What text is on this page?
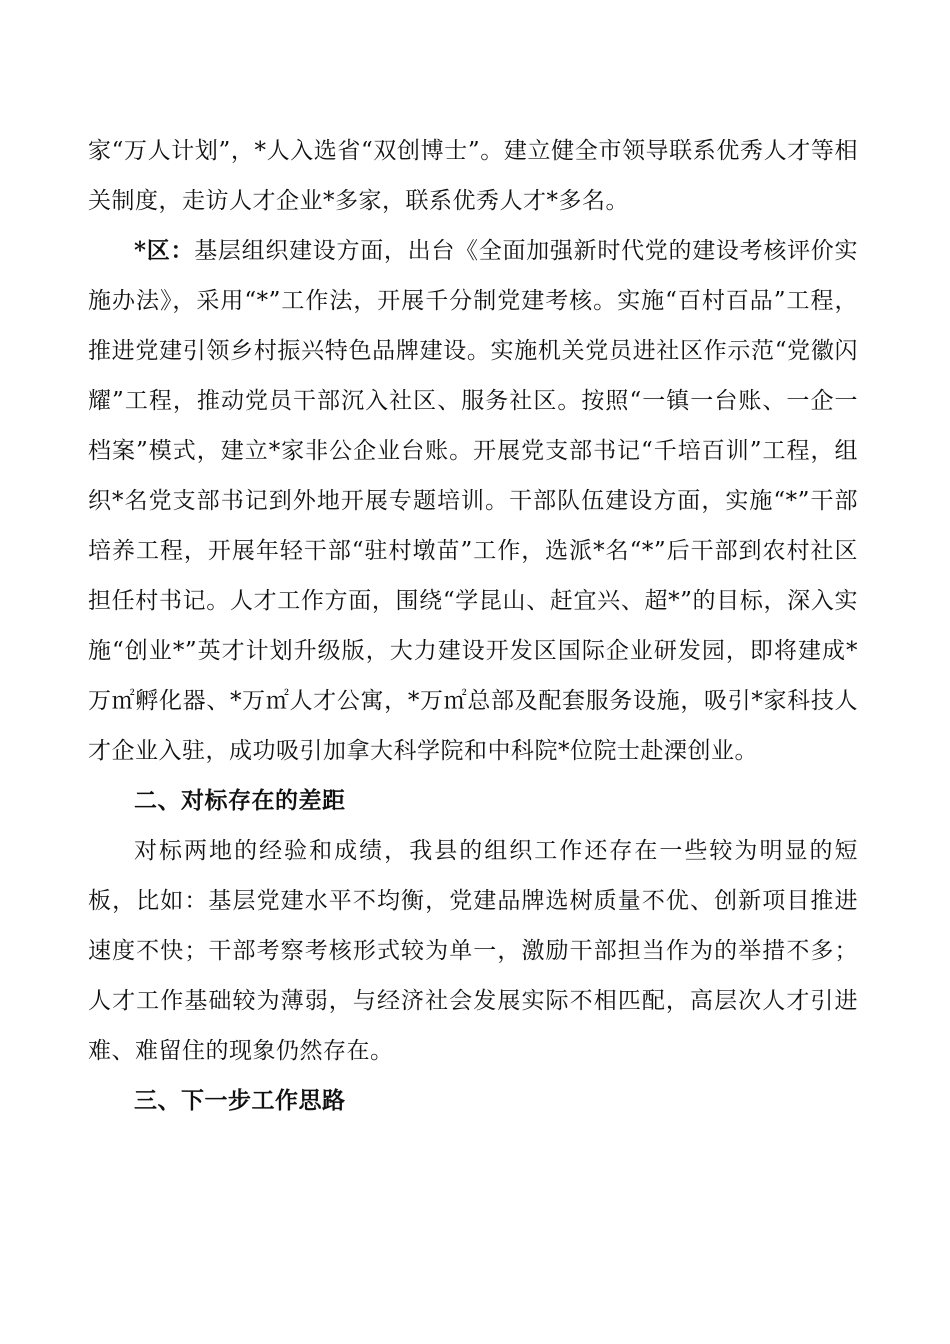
家“万人计划”，*人入选省“双创博士”。建立健全市领导联系优秀人才等相关制度，走访人才企业*多家，联系优秀人才*多名。

*区：基层组织建设方面，出台《全面加强新时代党的建设考核评价实施办法》，采用“*”工作法，开展千分制党建考核。实施“百村百品”工程，推进党建引领乡村振兴特色品牌建设。实施机关党员进社区作示范“党徽闪耀”工程，推动党员干部沉入社区、服务社区。按照“一镇一台账、一企一档案”模式，建立*家非公企业台账。开展党支部书记“千培百训”工程，组织*名党支部书记到外地开展专题培训。干部队伍建设方面，实施“*”干部培养工程，开展年轻干部“驻村墩苗”工作，选派*名“*”后干部到农村社区担任村书记。人才工作方面，围绕“学昆山、赶宜兴、超*”的目标，深入实施“创业*”英才计划升级版，大力建设开发区国际企业研发园，即将建成*万㎡孵化器、*万㎡人才公寓，*万㎡总部及配套服务设施，吸引*家科技人才企业入驻，成功吸引加拿大科学院和中科院*位院士赴溧创业。

二、对标存在的差距

对标两地的经验和成绩，我县的组织工作还存在一些较为明显的短板，比如：基层党建水平不均衡，党建品牌选树质量不优、创新项目推进速度不快；干部考察考核形式较为单一，激励干部担当作为的举措不多；人才工作基础较为薄弱，与经济社会发展实际不相匹配，高层次人才引进难、难留住的现象仍然存在。

三、下一步工作思路
